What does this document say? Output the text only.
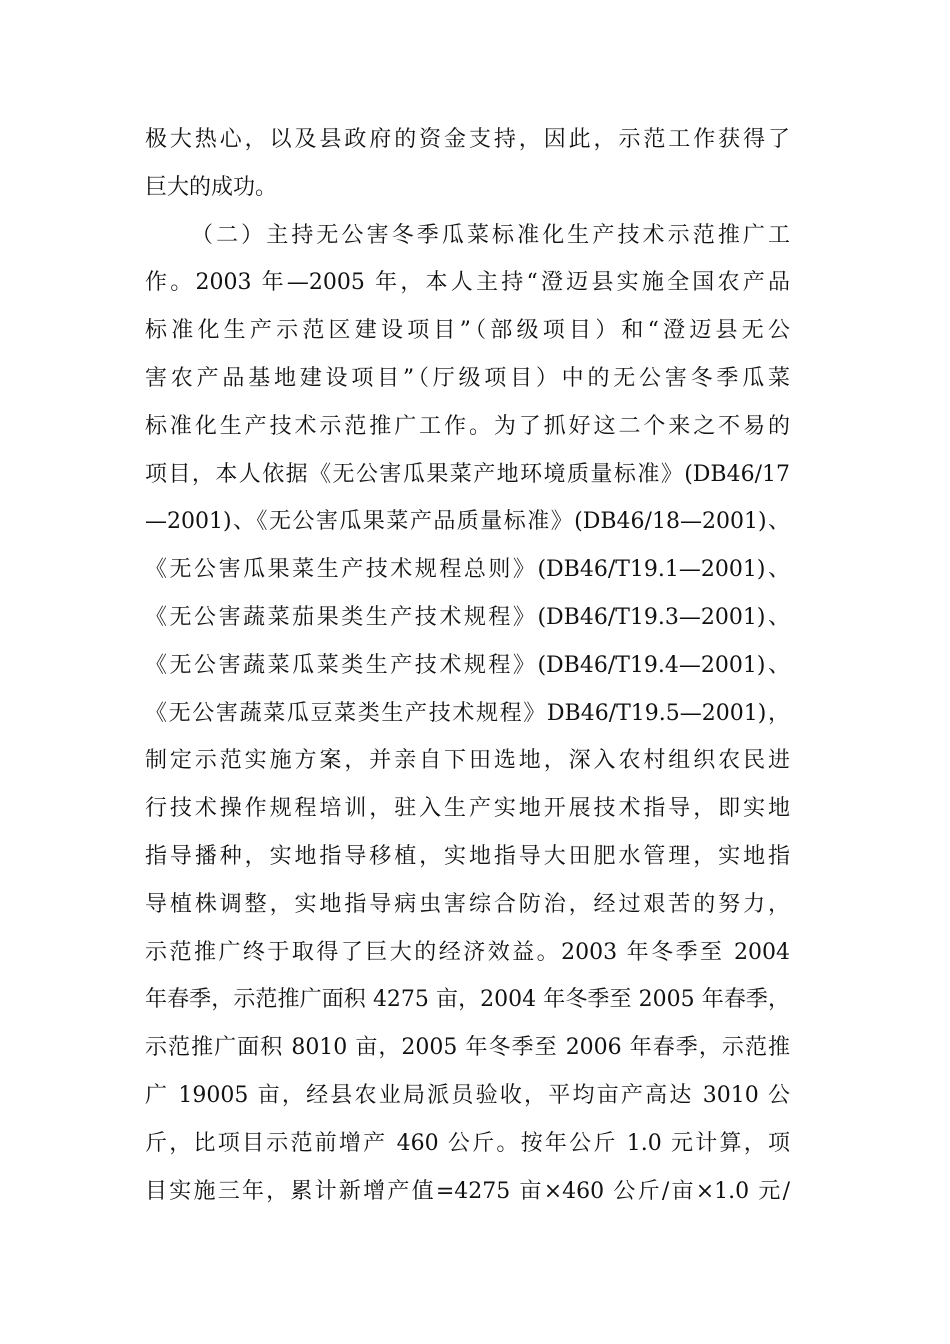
极大热心，以及县政府的资金支持，因此，示范工作获得了
巨大的成功。
（二）主持无公害冬季瓜菜标准化生产技术示范推广工
作。2003 年—2005 年，本人主持“澄迈县实施全国农产品
标准化生产示范区建设项目”（部级项目）和“澄迈县无公
害农产品基地建设项目”（厅级项目）中的无公害冬季瓜菜
标准化生产技术示范推广工作。为了抓好这二个来之不易的
项目，本人依据《无公害瓜果菜产地环境质量标准》(DB46/17
—2001)、《无公害瓜果菜产品质量标准》(DB46/18—2001)、
《无公害瓜果菜生产技术规程总则》(DB46/T19.1—2001)、
《无公害蔬菜茄果类生产技术规程》(DB46/T19.3—2001)、
《无公害蔬菜瓜菜类生产技术规程》(DB46/T19.4—2001)、
《无公害蔬菜瓜豆菜类生产技术规程》DB46/T19.5—2001)，
制定示范实施方案，并亲自下田选地，深入农村组织农民进
行技术操作规程培训，驻入生产实地开展技术指导，即实地
指导播种，实地指导移植，实地指导大田肥水管理，实地指
导植株调整，实地指导病虫害综合防治，经过艰苦的努力，
示范推广终于取得了巨大的经济效益。2003 年冬季至 2004
年春季，示范推广面积 4275 亩，2004 年冬季至 2005 年春季，
示范推广面积 8010 亩，2005 年冬季至 2006 年春季，示范推
广 19005 亩，经县农业局派员验收，平均亩产高达 3010 公
斤，比项目示范前增产 460 公斤。按年公斤 1.0 元计算，项
目实施三年，累计新增产值=4275 亩×460 公斤/亩×1.0 元/
